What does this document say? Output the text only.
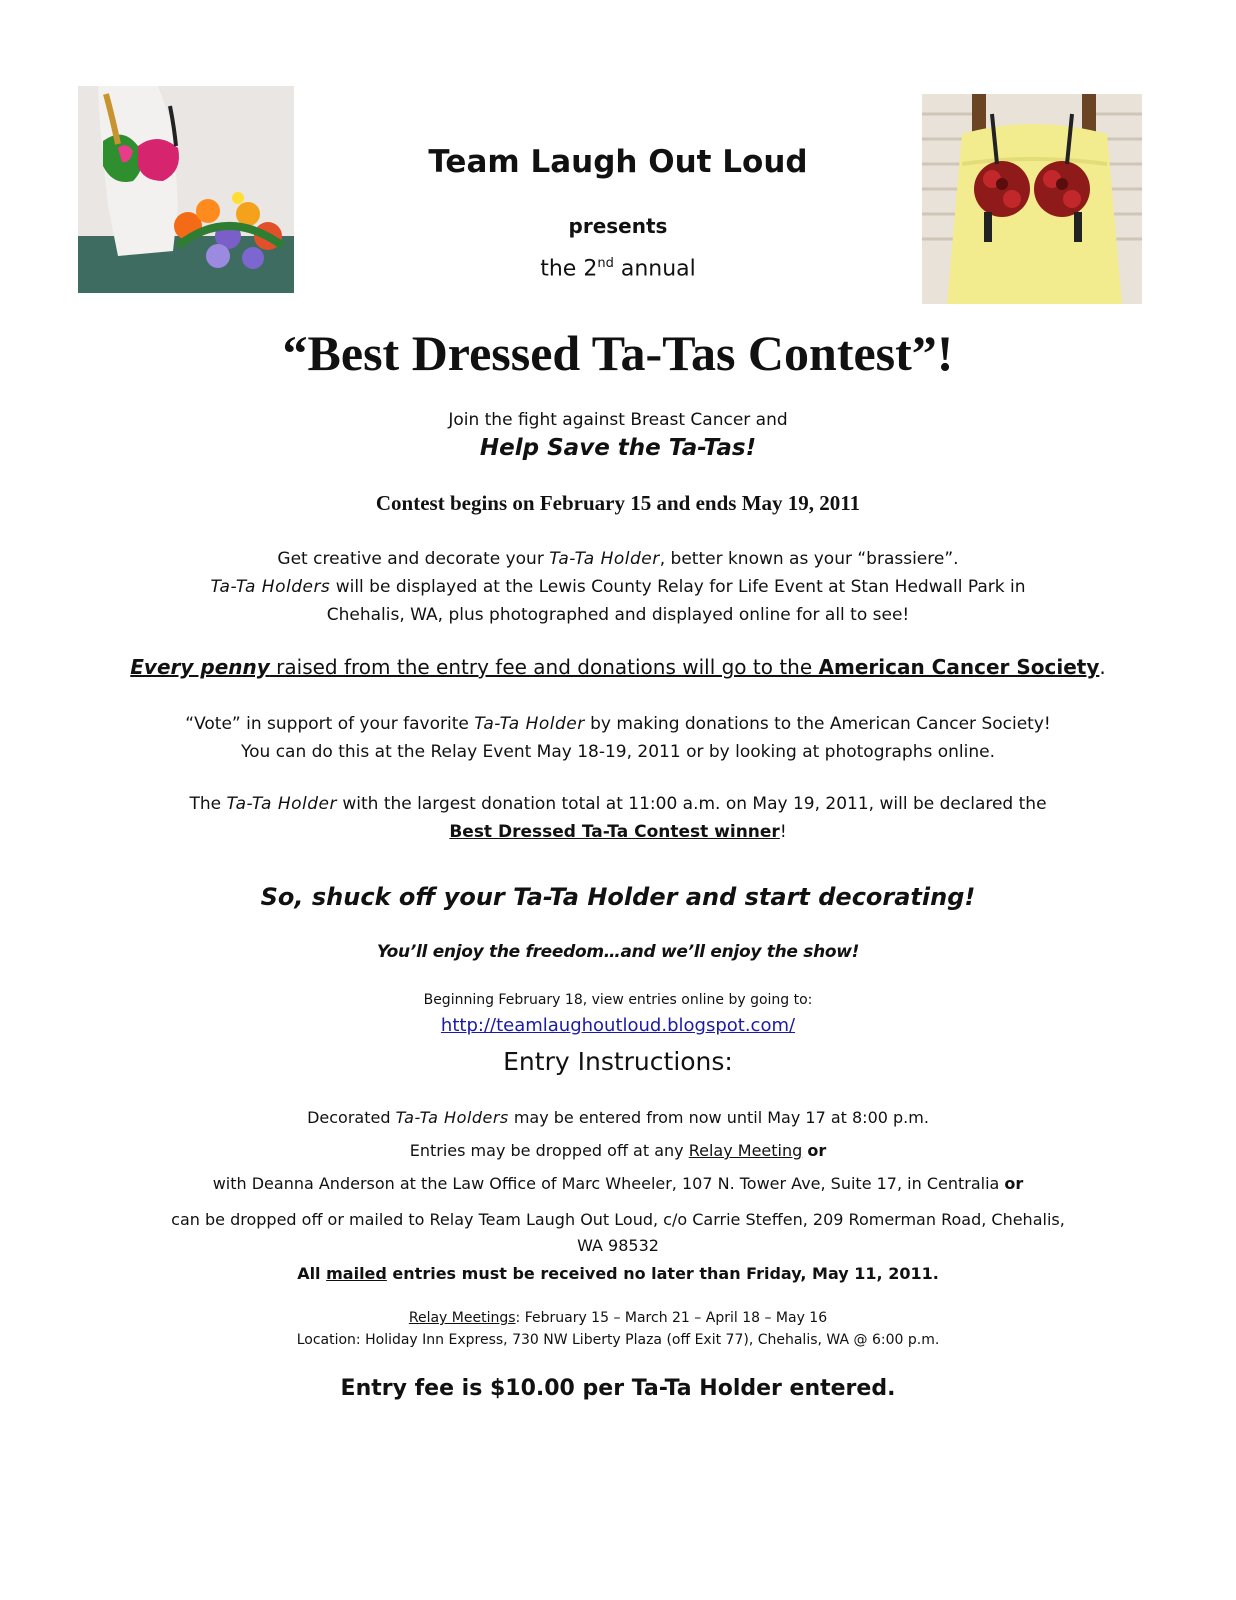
Team Laugh Out Loud
presents
the 2nd annual
“Best Dressed Ta-Tas Contest”!
Join the fight against Breast Cancer and
Help Save the Ta-Tas!
Contest begins on February 15 and ends May 19, 2011
Get creative and decorate your Ta-Ta Holder, better known as your “brassiere”.
Ta-Ta Holders will be displayed at the Lewis County Relay for Life Event at Stan Hedwall Park in
Chehalis, WA, plus photographed and displayed online for all to see!
Every penny raised from the entry fee and donations will go to the American Cancer Society.
“Vote” in support of your favorite Ta-Ta Holder by making donations to the American Cancer Society!
You can do this at the Relay Event May 18-19, 2011 or by looking at photographs online.
The Ta-Ta Holder with the largest donation total at 11:00 a.m. on May 19, 2011, will be declared the
Best Dressed Ta-Ta Contest winner!
So, shuck off your Ta-Ta Holder and start decorating!
You’ll enjoy the freedom…and we’ll enjoy the show!
Beginning February 18, view entries online by going to:
http://teamlaughoutloud.blogspot.com/
Entry Instructions:
Decorated Ta-Ta Holders may be entered from now until May 17 at 8:00 p.m.
Entries may be dropped off at any Relay Meeting or
with Deanna Anderson at the Law Office of Marc Wheeler, 107 N. Tower Ave, Suite 17, in Centralia or
can be dropped off or mailed to Relay Team Laugh Out Loud, c/o Carrie Steffen, 209 Romerman Road, Chehalis,
WA 98532
All mailed entries must be received no later than Friday, May 11, 2011.
Relay Meetings: February 15 – March 21 – April 18 – May 16
Location: Holiday Inn Express, 730 NW Liberty Plaza (off Exit 77), Chehalis, WA @ 6:00 p.m.
Entry fee is $10.00 per Ta-Ta Holder entered.
